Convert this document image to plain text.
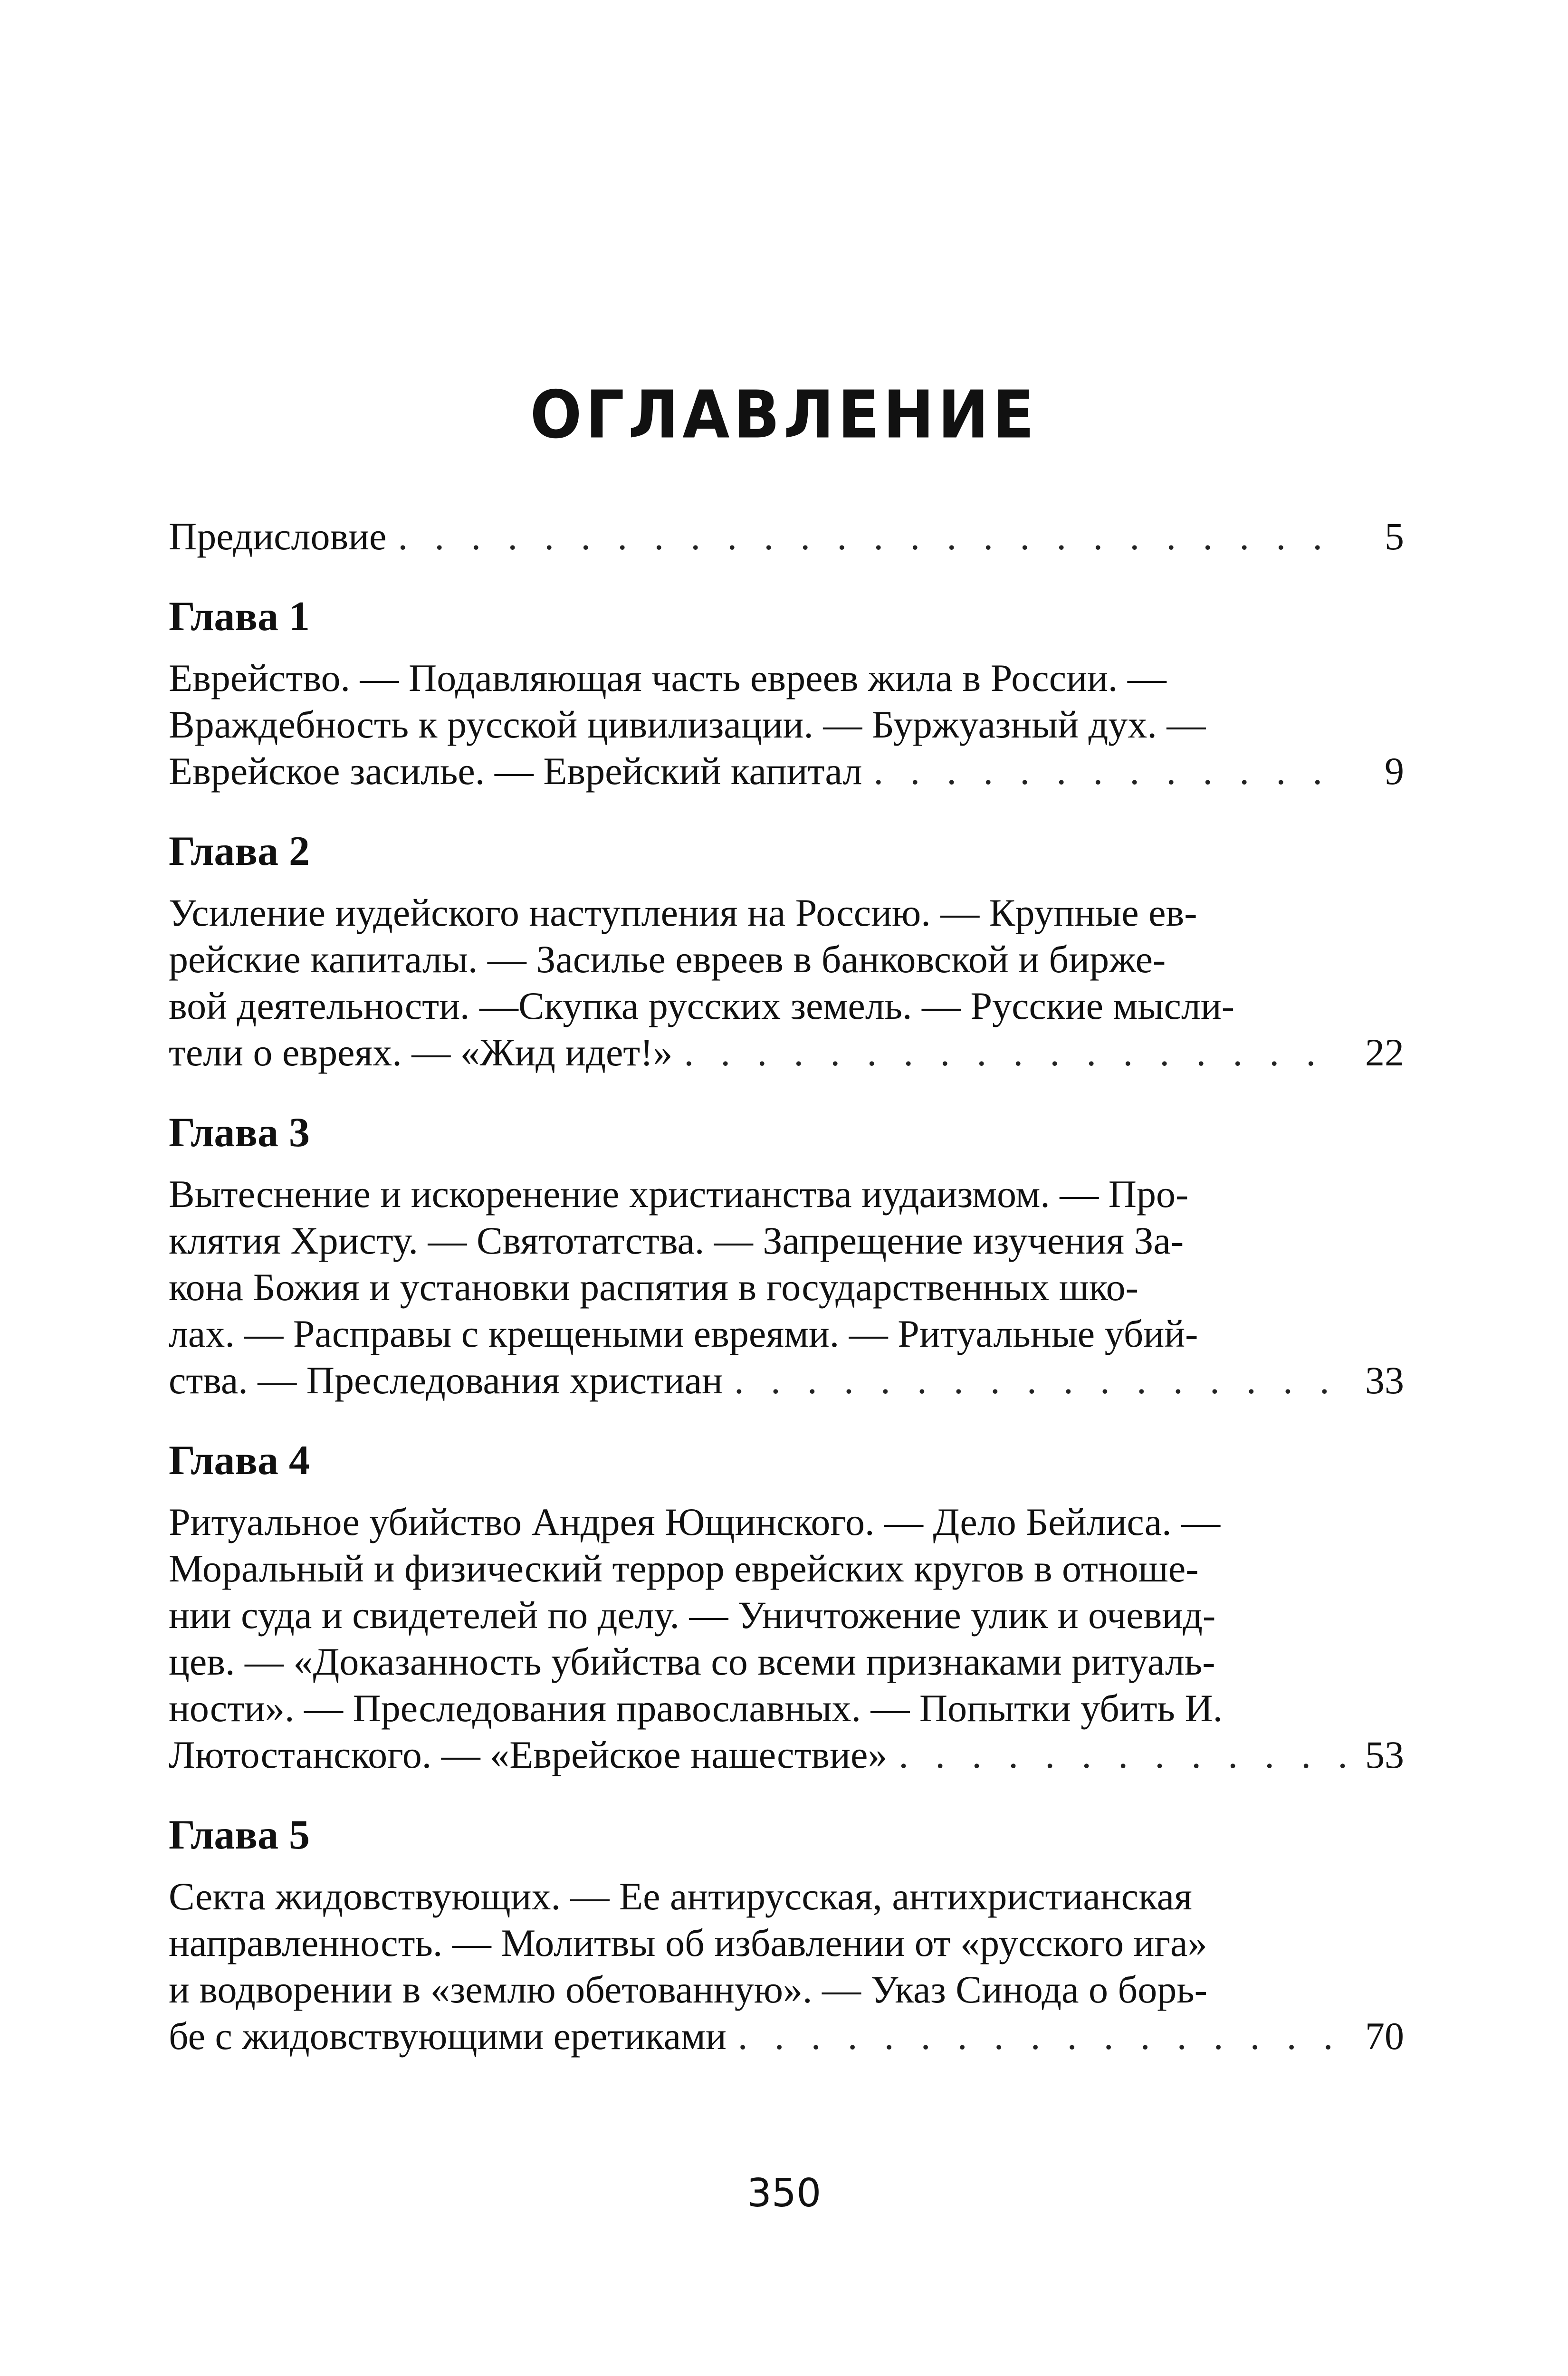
ОГЛАВЛЕНИЕ
Предисловие . . .	5
Глава 1
Еврейство. — Подавляющая часть евреев жила в России. —
Враждебность к русской цивилизации. — Буржуазный дух. —
Еврейское засилье. — Еврейский капитал . . .	9
Глава 2
Усиление иудейского наступления на Россию. — Крупные ев-
рейские капиталы. — Засилье евреев в банковской и бирже-
вой деятельности. —Скупка русских земель. — Русские мысли-
тели о евреях. — «Жид идет!» . . .	22
Глава 3
Вытеснение и искоренение христианства иудаизмом. — Про-
клятия Христу. — Святотатства. — Запрещение изучения За-
кона Божия и установки распятия в государственных шко-
лах. — Расправы с крещеными евреями. — Ритуальные убий-
ства. — Преследования христиан . . .	33
Глава 4
Ритуальное убийство Андрея Ющинского. — Дело Бейлиса. —
Моральный и физический террор еврейских кругов в отноше-
нии суда и свидетелей по делу. — Уничтожение улик и очевид-
цев. — «Доказанность убийства со всеми признаками ритуаль-
ности». — Преследования православных. — Попытки убить И.
Лютостанского. — «Еврейское нашествие» . . .	53
Глава 5
Секта жидовствующих. — Ее антирусская, антихристианская
направленность. — Молитвы об избавлении от «русского ига»
и водворении в «землю обетованную». — Указ Синода о борь-
бе с жидовствующими еретиками . . .	70
350
